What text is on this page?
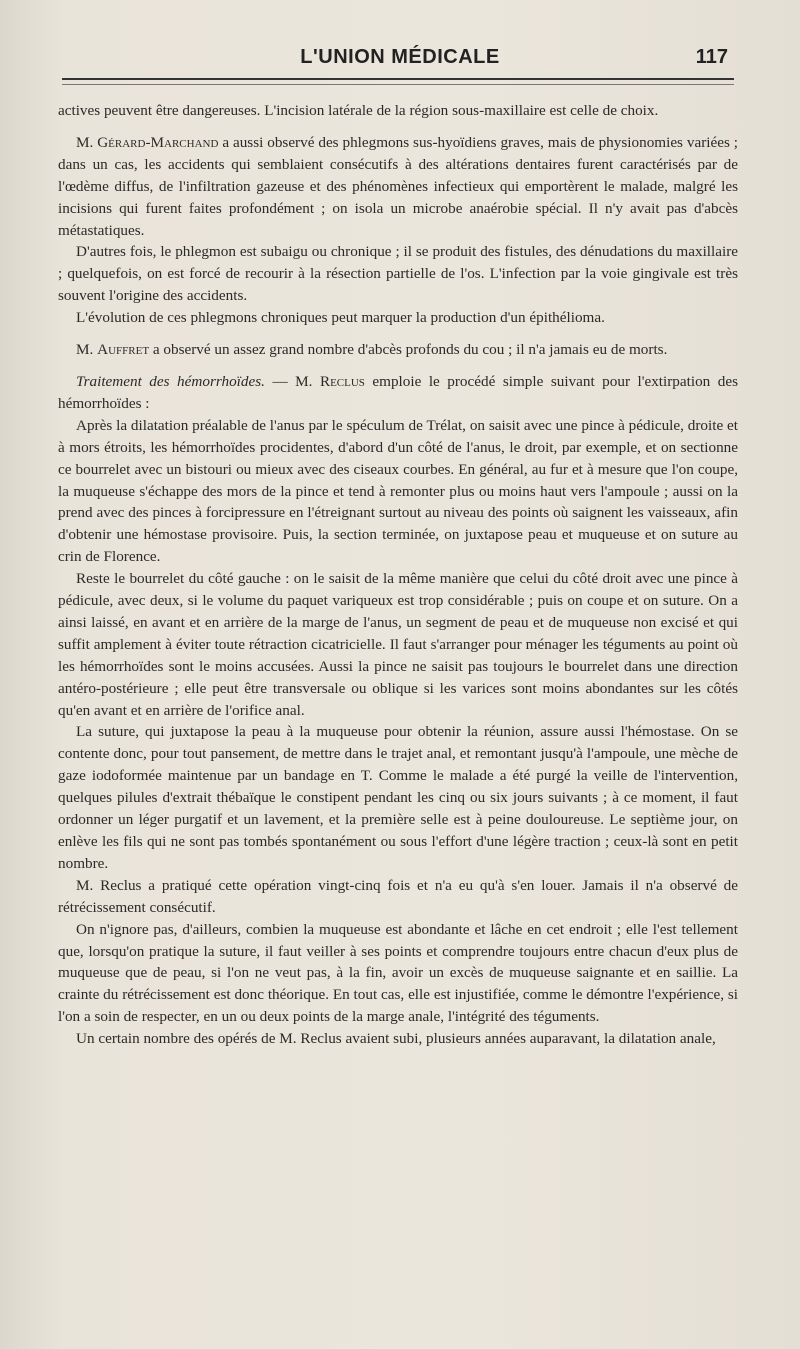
L'UNION MÉDICALE	117

actives peuvent être dangereuses. L'incision latérale de la région sous-maxillaire est celle de choix.

M. Gérard-Marchand a aussi observé des phlegmons sus-hyoïdiens graves, mais de physionomies variées ; dans un cas, les accidents qui semblaient consécutifs à des altérations dentaires furent caractérisés par de l'œdème diffus, de l'infiltration gazeuse et des phénomènes infectieux qui emportèrent le malade, malgré les incisions qui furent faites profondément ; on isola un microbe anaérobie spécial. Il n'y avait pas d'abcès métastatiques.

D'autres fois, le phlegmon est subaigu ou chronique ; il se produit des fistules, des dénudations du maxillaire ; quelquefois, on est forcé de recourir à la résection partielle de l'os. L'infection par la voie gingivale est très souvent l'origine des accidents.

L'évolution de ces phlegmons chroniques peut marquer la production d'un épithélioma.

M. Auffret a observé un assez grand nombre d'abcès profonds du cou ; il n'a jamais eu de morts.

Traitement des hémorrhoïdes. — M. Reclus emploie le procédé simple suivant pour l'extirpation des hémorrhoïdes :

Après la dilatation préalable de l'anus par le spéculum de Trélat, on saisit avec une pince à pédicule, droite et à mors étroits, les hémorrhoïdes procidentes, d'abord d'un côté de l'anus, le droit, par exemple, et on sectionne ce bourrelet avec un bistouri ou mieux avec des ciseaux courbes. En général, au fur et à mesure que l'on coupe, la muqueuse s'échappe des mors de la pince et tend à remonter plus ou moins haut vers l'ampoule ; aussi on la prend avec des pinces à forcipressure en l'étreignant surtout au niveau des points où saignent les vaisseaux, afin d'obtenir une hémostase provisoire. Puis, la section terminée, on juxtapose peau et muqueuse et on suture au crin de Florence.

Reste le bourrelet du côté gauche : on le saisit de la même manière que celui du côté droit avec une pince à pédicule, avec deux, si le volume du paquet variqueux est trop considérable ; puis on coupe et on suture. On a ainsi laissé, en avant et en arrière de la marge de l'anus, un segment de peau et de muqueuse non excisé et qui suffit amplement à éviter toute rétraction cicatricielle. Il faut s'arranger pour ménager les téguments au point où les hémorrhoïdes sont le moins accusées. Aussi la pince ne saisit pas toujours le bourrelet dans une direction antéro-postérieure ; elle peut être transversale ou oblique si les varices sont moins abondantes sur les côtés qu'en avant et en arrière de l'orifice anal.

La suture, qui juxtapose la peau à la muqueuse pour obtenir la réunion, assure aussi l'hémostase. On se contente donc, pour tout pansement, de mettre dans le trajet anal, et remontant jusqu'à l'ampoule, une mèche de gaze iodoformée maintenue par un bandage en T. Comme le malade a été purgé la veille de l'intervention, quelques pilules d'extrait thébaïque le constipent pendant les cinq ou six jours suivants ; à ce moment, il faut ordonner un léger purgatif et un lavement, et la première selle est à peine douloureuse. Le septième jour, on enlève les fils qui ne sont pas tombés spontanément ou sous l'effort d'une légère traction ; ceux-là sont en petit nombre.

M. Reclus a pratiqué cette opération vingt-cinq fois et n'a eu qu'à s'en louer. Jamais il n'a observé de rétrécissement consécutif.

On n'ignore pas, d'ailleurs, combien la muqueuse est abondante et lâche en cet endroit ; elle l'est tellement que, lorsqu'on pratique la suture, il faut veiller à ses points et comprendre toujours entre chacun d'eux plus de muqueuse que de peau, si l'on ne veut pas, à la fin, avoir un excès de muqueuse saignante et en saillie. La crainte du rétrécissement est donc théorique. En tout cas, elle est injustifiée, comme le démontre l'expérience, si l'on a soin de respecter, en un ou deux points de la marge anale, l'intégrité des téguments.

Un certain nombre des opérés de M. Reclus avaient subi, plusieurs années auparavant, la dilatation anale,
